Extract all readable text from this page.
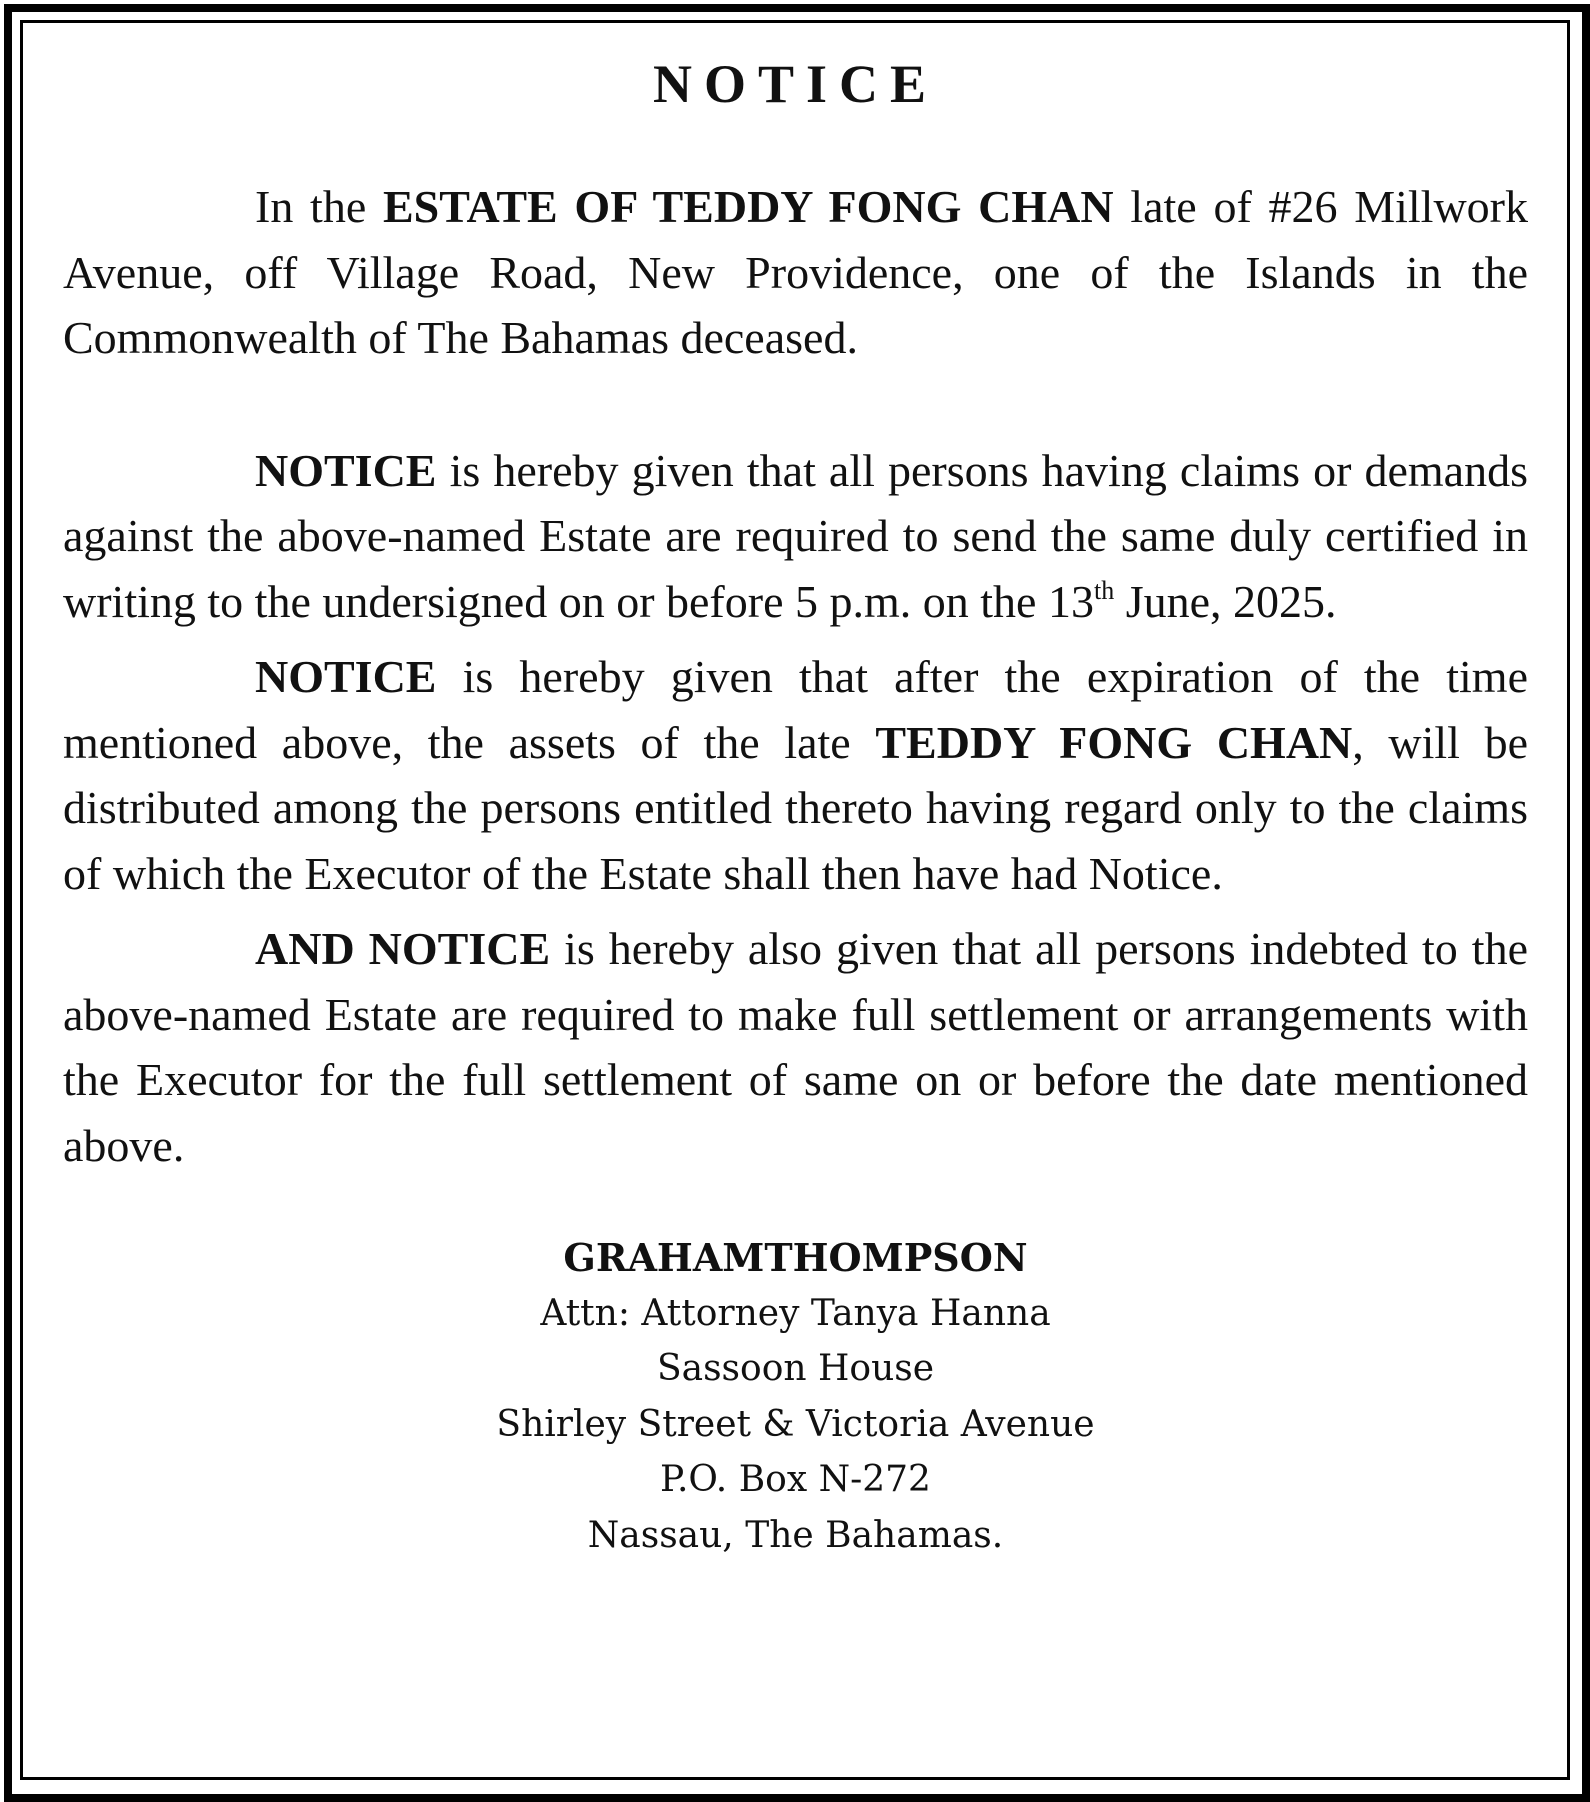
NOTICE

In the ESTATE OF TEDDY FONG CHAN late of #26 Millwork Avenue, off Village Road, New Providence, one of the Islands in the Commonwealth of The Bahamas deceased.

NOTICE is hereby given that all persons having claims or demands against the above-named Estate are required to send the same duly certified in writing to the undersigned on or before 5 p.m. on the 13th June, 2025.

NOTICE is hereby given that after the expiration of the time mentioned above, the assets of the late TEDDY FONG CHAN, will be distributed among the persons entitled thereto having regard only to the claims of which the Executor of the Estate shall then have had Notice.

AND NOTICE is hereby also given that all persons indebted to the above-named Estate are required to make full settlement or arrangements with the Executor for the full settlement of same on or before the date mentioned above.

GRAHAMTHOMPSON
Attn: Attorney Tanya Hanna
Sassoon House
Shirley Street & Victoria Avenue
P.O. Box N-272
Nassau, The Bahamas.
